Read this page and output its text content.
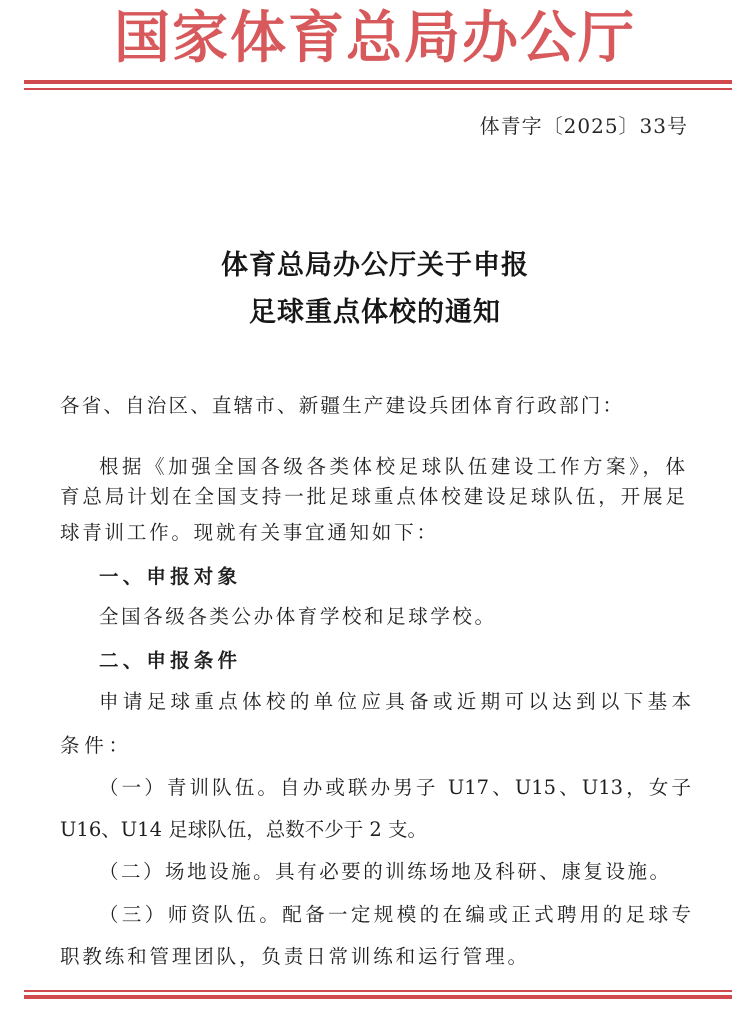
国家体育总局办公厅
体青字〔2025〕33号
体育总局办公厅关于申报
足球重点体校的通知
各省、自治区、直辖市、新疆生产建设兵团体育行政部门：
根据《加强全国各级各类体校足球队伍建设工作方案》，体
育总局计划在全国支持一批足球重点体校建设足球队伍，开展足
球青训工作。现就有关事宜通知如下：
一、申报对象
全国各级各类公办体育学校和足球学校。
二、申报条件
申请足球重点体校的单位应具备或近期可以达到以下基本
条件：
（一）青训队伍。自办或联办男子 U17、U15、U13，女子
U16、U14 足球队伍，总数不少于 2 支。
（二）场地设施。具有必要的训练场地及科研、康复设施。
（三）师资队伍。配备一定规模的在编或正式聘用的足球专
职教练和管理团队，负责日常训练和运行管理。
